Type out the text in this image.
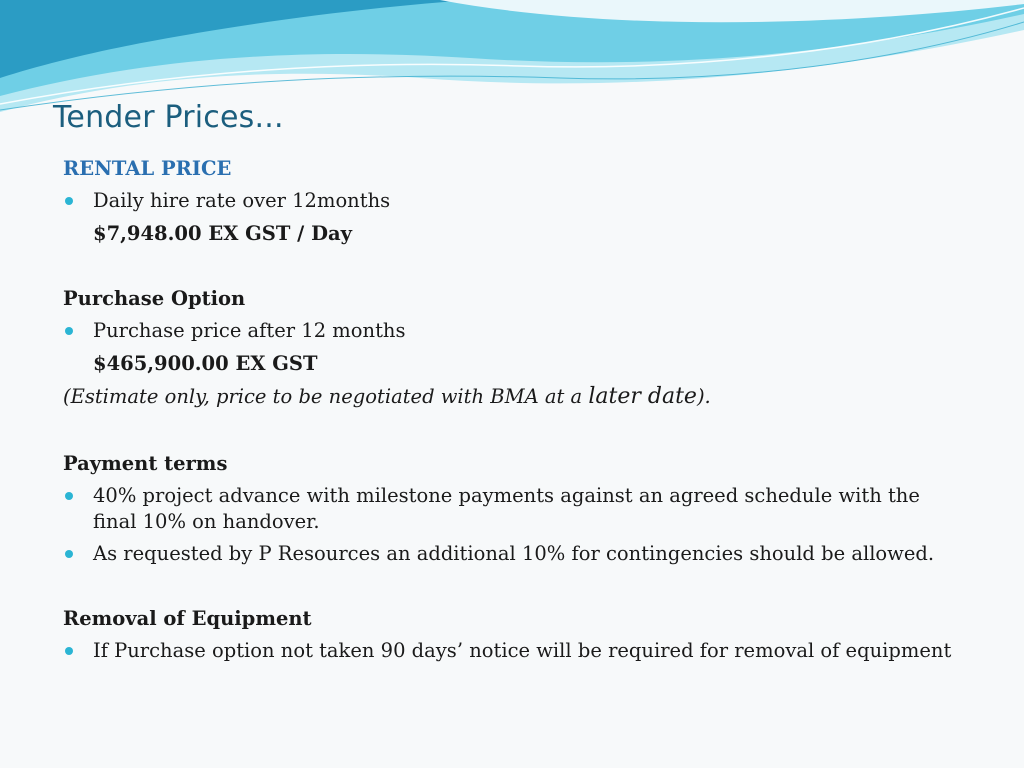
Tender Prices...
RENTAL PRICE
Daily hire rate over 12months
$7,948.00 EX GST / Day
Purchase Option
Purchase price after 12 months
$465,900.00 EX GST
(Estimate only, price to be negotiated with BMA at a later date).
Payment terms
40% project advance with milestone payments against an agreed schedule with the final 10% on handover.
As requested by P Resources an additional 10% for contingencies should be allowed.
Removal of Equipment
If Purchase option not taken 90 days’ notice will be required for removal of equipment
